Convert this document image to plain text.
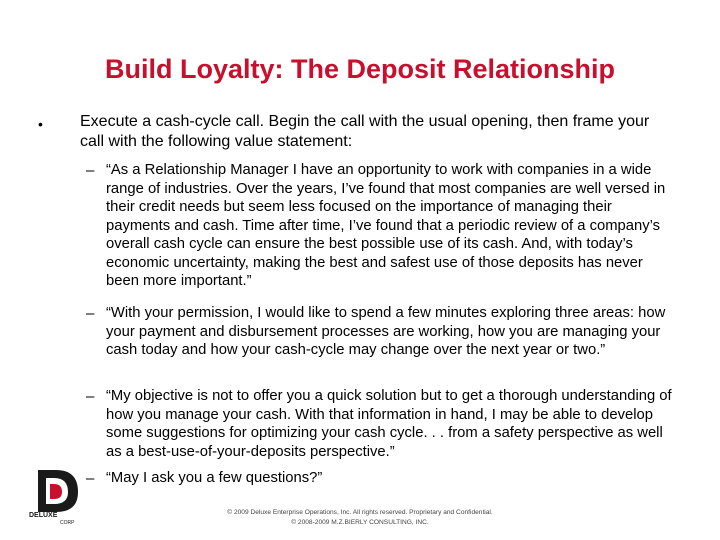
Build Loyalty: The Deposit Relationship
• Execute a cash-cycle call. Begin the call with the usual opening, then frame your call with the following value statement:
– “As a Relationship Manager I have an opportunity to work with companies in a wide range of industries. Over the years, I’ve found that most companies are well versed in their credit needs but seem less focused on the importance of managing their payments and cash. Time after time, I’ve found that a periodic review of a company’s overall cash cycle can ensure the best possible use of its cash. And, with today’s economic uncertainty, making the best and safest use of those deposits has never been more important.”
– “With your permission, I would like to spend a few minutes exploring three areas: how your payment and disbursement processes are working, how you are managing your cash today and how your cash-cycle may change over the next year or two.”
– “My objective is not to offer you a quick solution but to get a thorough understanding of how you manage your cash. With that information in hand, I may be able to develop some suggestions for optimizing your cash cycle. . . from a safety perspective as well as a best-use-of-your-deposits perspective.”
– “May I ask you a few questions?”
DELUXE
CORP
© 2009 Deluxe Enterprise Operations, Inc. All rights reserved. Proprietary and Confidential.
© 2008-2009 M.Z.BIERLY CONSULTING, INC.
